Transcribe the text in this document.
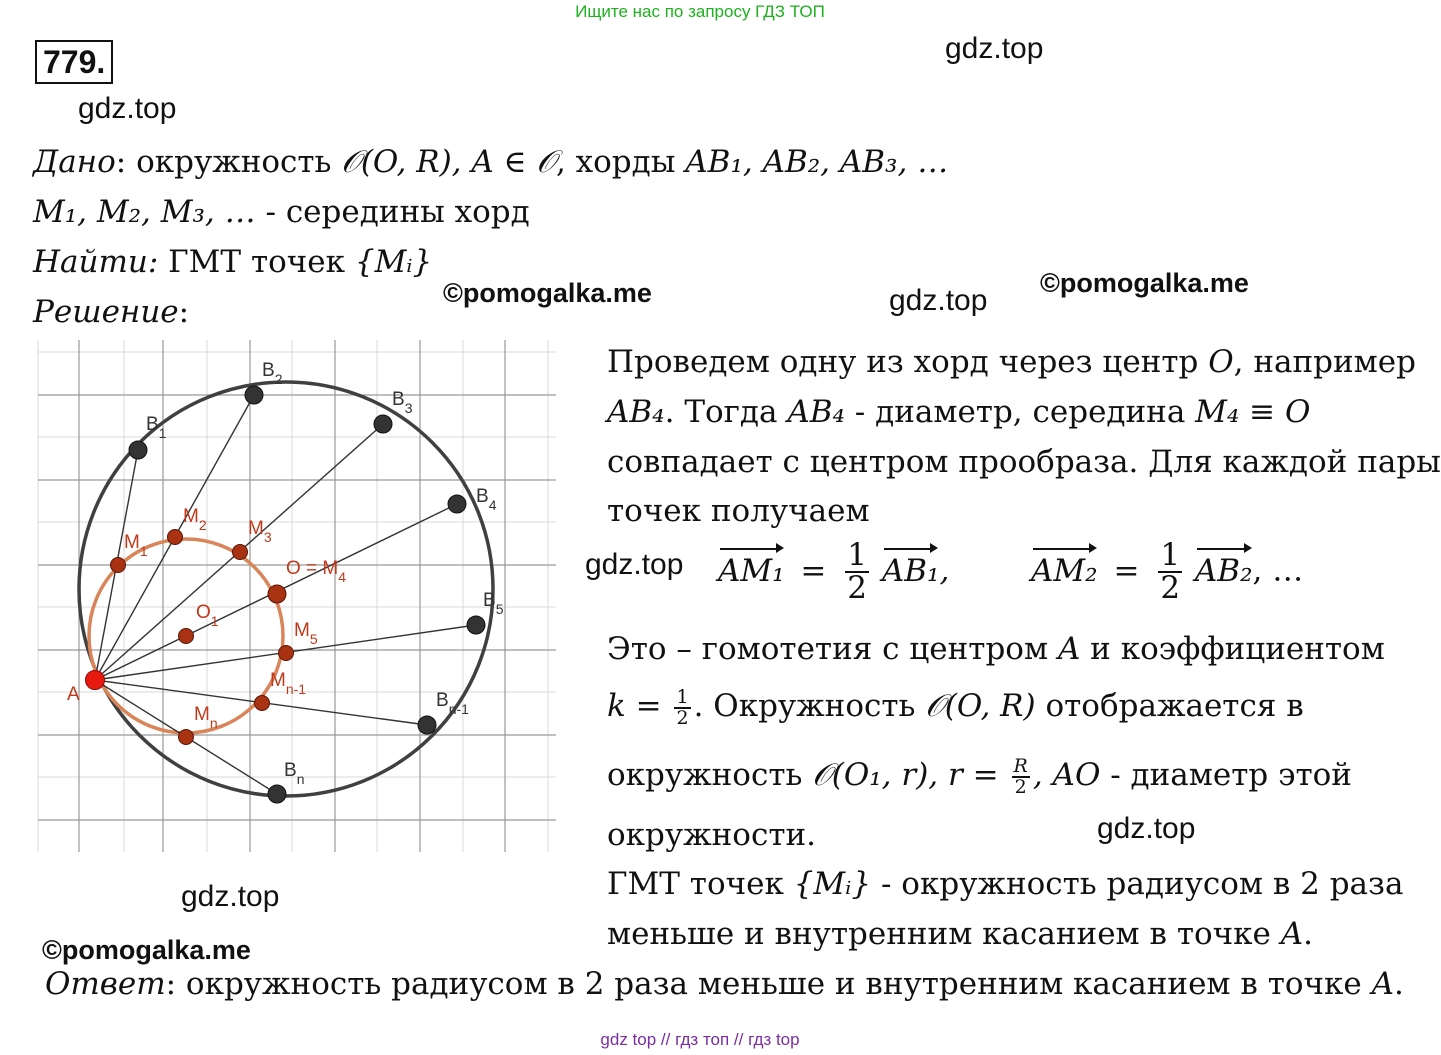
Ищите нас по запросу ГДЗ ТОП
779.	gdz.top
gdz.top
gdz.top
gdz.top
gdz.top
gdz.top
©pomogalka.me	©pomogalka.me
©pomogalka.me
Дано: окружность 𝒪(O, R), A ∈ 𝒪, хорды AB₁, AB₂, AB₃, …
M₁, M₂, M₃, … - середины хорд
Найти: ГМТ точек {Mᵢ}
Решение:
$B_1$
$B_2$
$B_3$
$B_4$
$B_5$
$B_{n-1}$
$B_n$
$M_1$
$M_2$ $M_3$
$O = M_4$
$M_5$
$M_{n-1}$
$M_n$
$O_1$
A
Проведем одну из хорд через центр O, например
AB₄. Тогда AB₄ - диаметр, середина M₄ ≡ O
совпадает с центром прообраза. Для каждой пары
точек получаем
$AM_1 = \frac{1}{2} AB_1$,	$AM_2 = \frac{1}{2} AB_2$, …
Это – гомотетия с центром A и коэффициентом
$k = \frac{1}{2}$ . Окружность 𝒪(O, R) отображается в
окружность 𝒪(O₁, r), $r = \frac{R}{2}$ , AO - диаметр этой
окружности.
ГМТ точек {Mᵢ} - окружность радиусом в 2 раза
меньше и внутренним касанием в точке A.
Ответ: окружность радиусом в 2 раза меньше и внутренним касанием в точке A.
gdz top // гдз топ // гдз top
